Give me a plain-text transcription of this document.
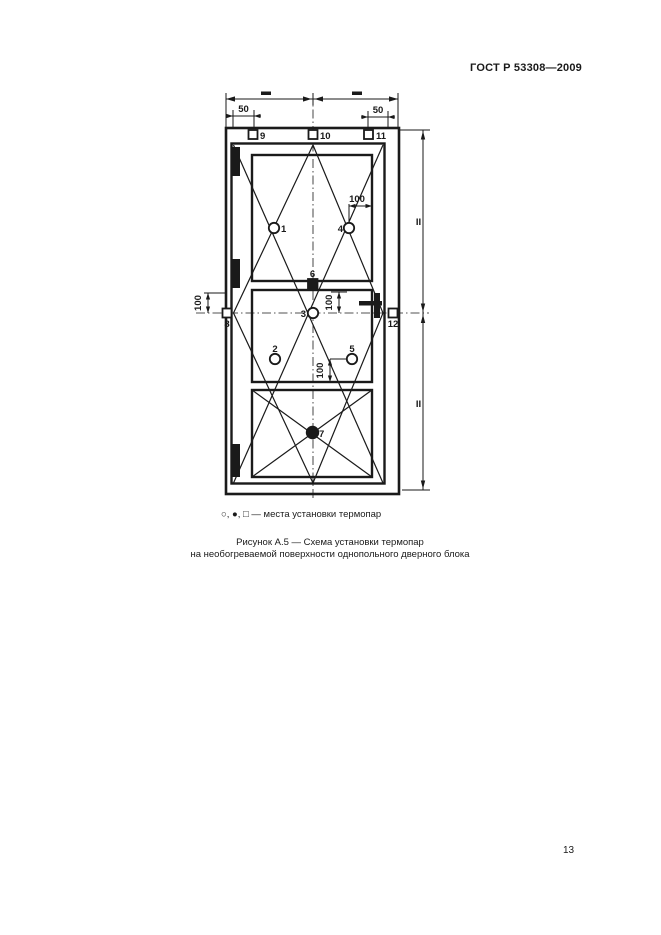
ГОСТ Р 53308—2009
1	4
3
2	5
6
7
8
9	10	11
12
50	50
100	100
100
100
II
II
○, ●, □ — места установки термопар
Рисунок А.5 — Схема установки термопар
на необогреваемой поверхности однопольного дверного блока
13
